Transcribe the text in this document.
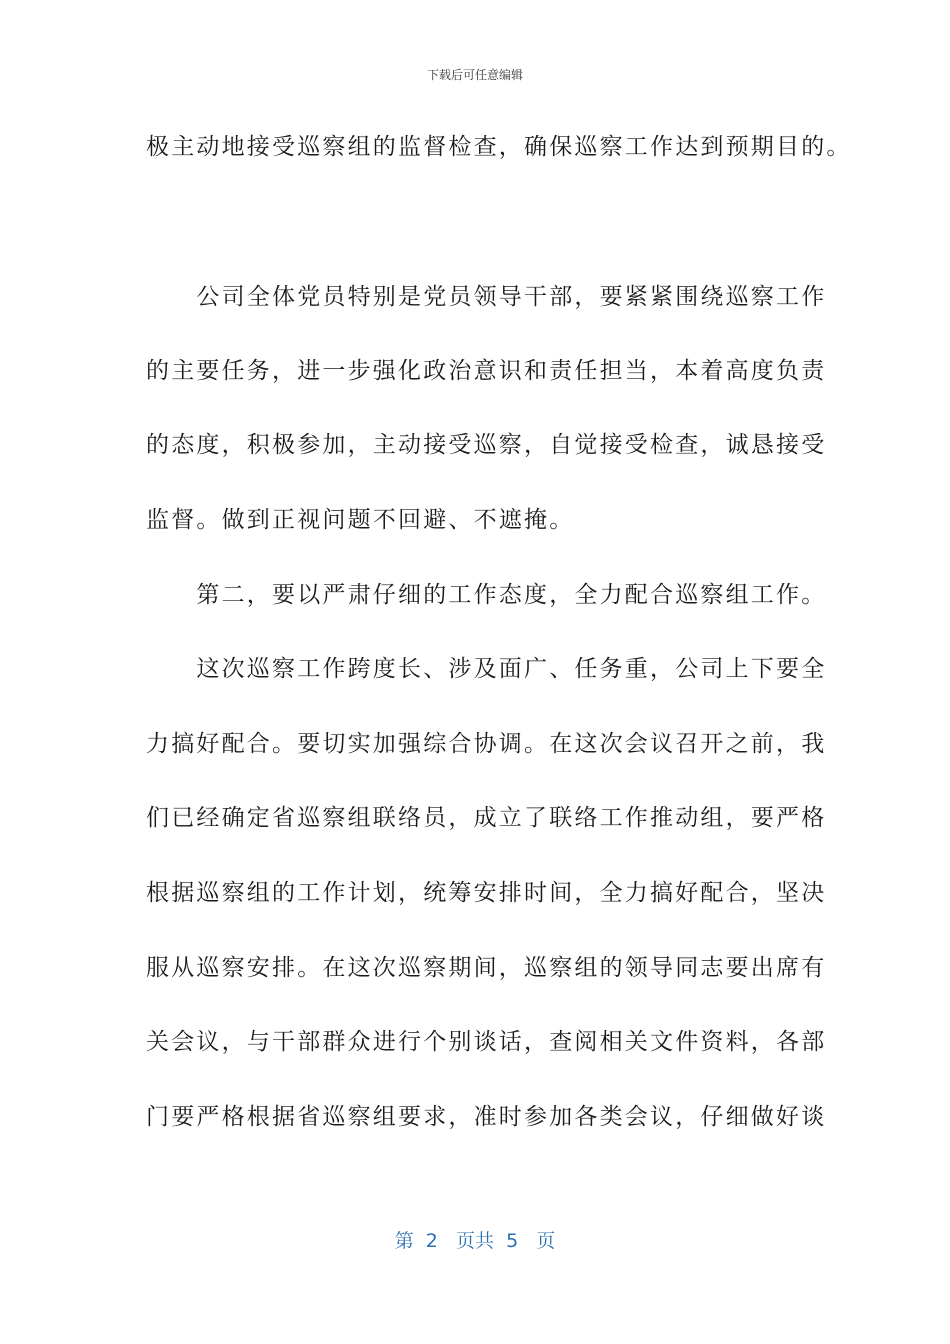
下载后可任意编辑
极主动地接受巡察组的监督检查，确保巡察工作达到预期目的。
　　公司全体党员特别是党员领导干部，要紧紧围绕巡察工作
的主要任务，进一步强化政治意识和责任担当，本着高度负责
的态度，积极参加，主动接受巡察，自觉接受检查，诚恳接受
监督。做到正视问题不回避、不遮掩。
　　第二，要以严肃仔细的工作态度，全力配合巡察组工作。
　　这次巡察工作跨度长、涉及面广、任务重，公司上下要全
力搞好配合。要切实加强综合协调。在这次会议召开之前，我
们已经确定省巡察组联络员，成立了联络工作推动组，要严格
根据巡察组的工作计划，统筹安排时间，全力搞好配合，坚决
服从巡察安排。在这次巡察期间，巡察组的领导同志要出席有
关会议，与干部群众进行个别谈话，查阅相关文件资料，各部
门要严格根据省巡察组要求，准时参加各类会议，仔细做好谈
第  2   页共  5   页
